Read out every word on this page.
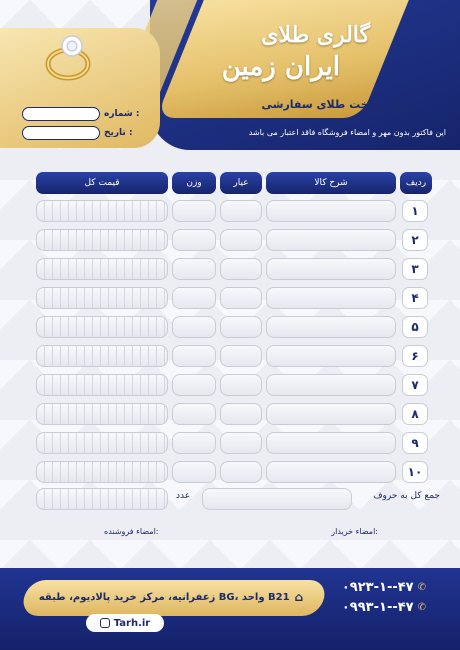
گالری طلای
ایران زمین
بورس ساخت طلای سفارشی
این فاکتور بدون مهر و امضاء فروشگاه فاقد اعتبار می باشد
شماره :
تاریخ :
ردیف
شرح کالا
عیار
وزن
قیمت کل
۱
۲
۳
۴
۵
۶
۷
۸
۹
۱۰
جمع کل به حروف
عدد
امضاء خریدار:
امضاء فروشنده:
۰۹۲۳-۱--۴۷ ✆
۰۹۹۳-۱--۴۷ ✆
زعفرانیه، مرکز خرید پالادیوم، طبقه BG، واحد B21 ⌂
Tarh.ir
